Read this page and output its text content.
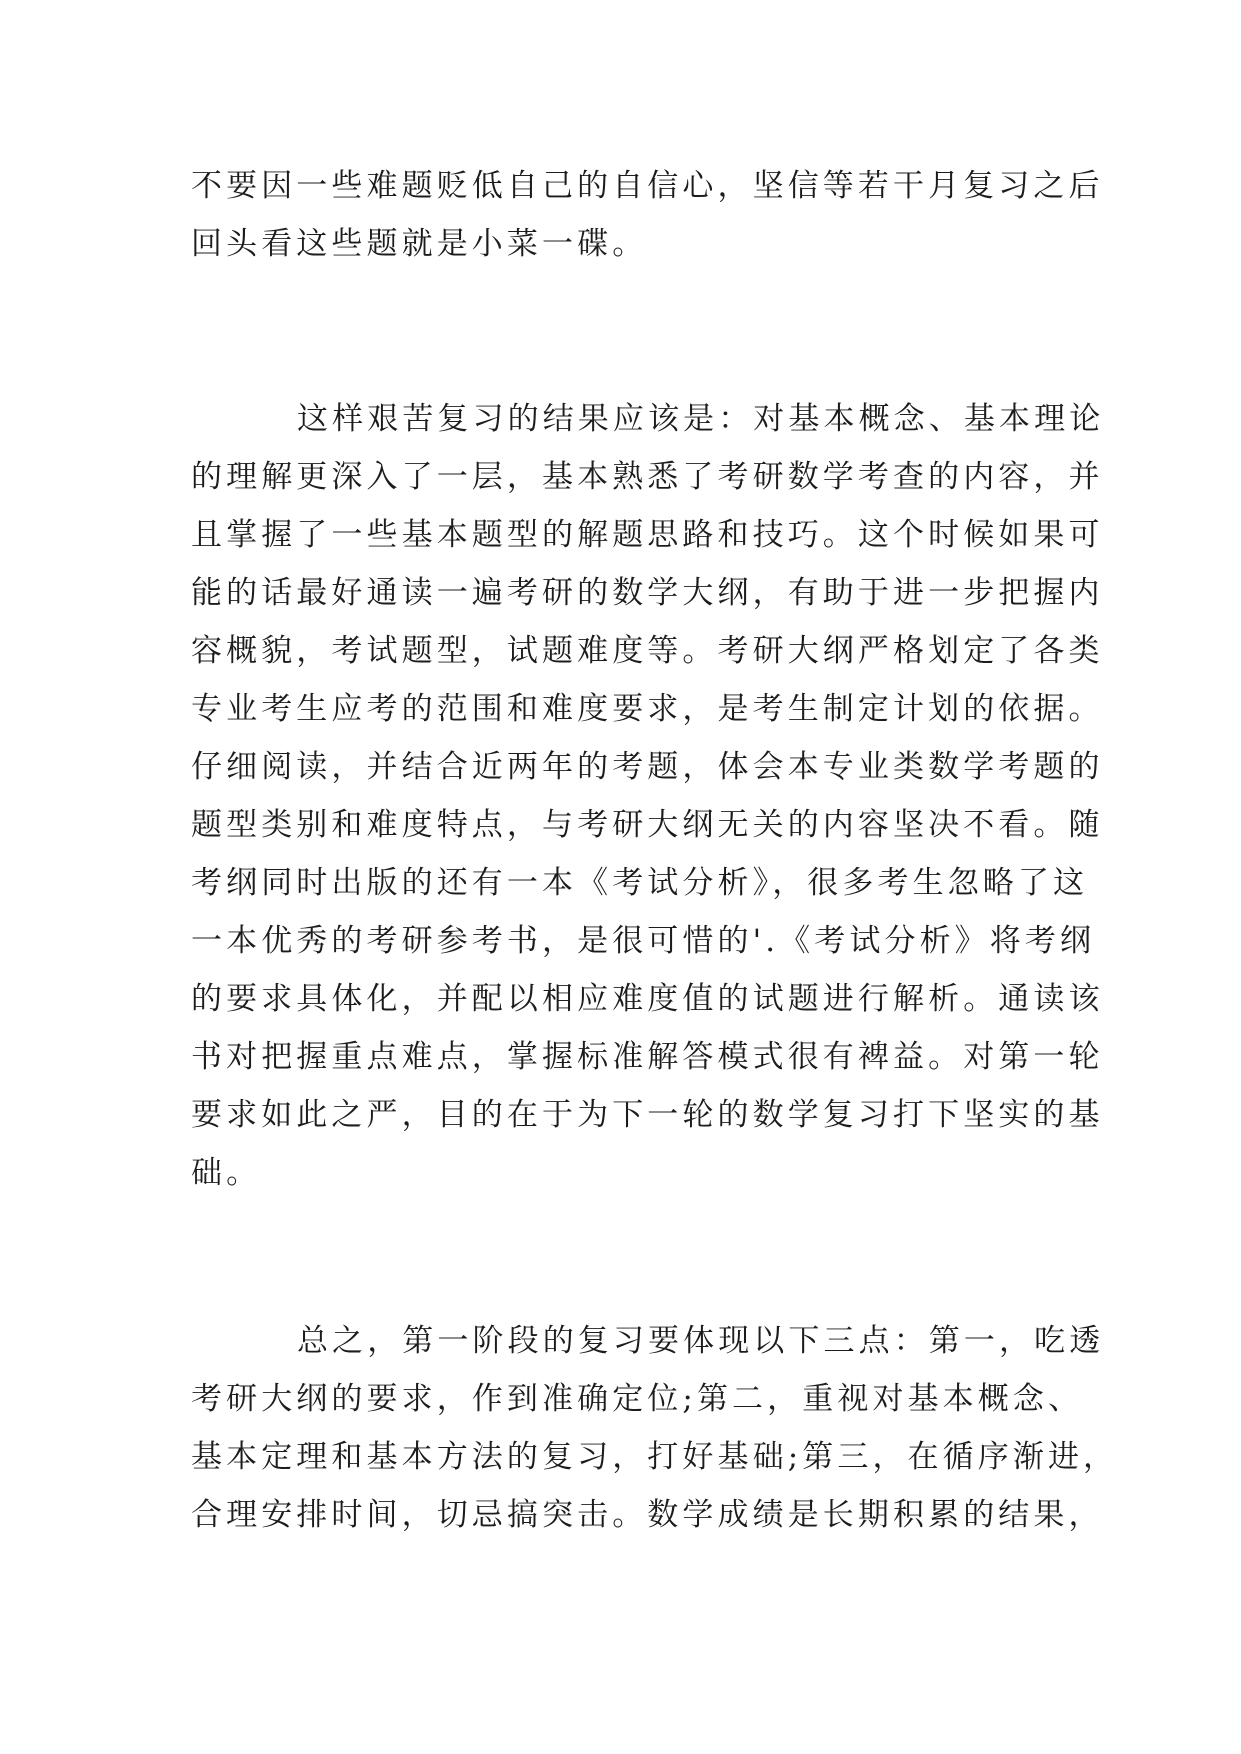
不要因一些难题贬低自己的自信心，坚信等若干月复习之后
回头看这些题就是小菜一碟。
这样艰苦复习的结果应该是：对基本概念、基本理论
的理解更深入了一层，基本熟悉了考研数学考查的内容，并
且掌握了一些基本题型的解题思路和技巧。这个时候如果可
能的话最好通读一遍考研的数学大纲，有助于进一步把握内
容概貌，考试题型，试题难度等。考研大纲严格划定了各类
专业考生应考的范围和难度要求，是考生制定计划的依据。
仔细阅读，并结合近两年的考题，体会本专业类数学考题的
题型类别和难度特点，与考研大纲无关的内容坚决不看。随
考纲同时出版的还有一本《考试分析》，很多考生忽略了这
一本优秀的考研参考书，是很可惜的'.《考试分析》将考纲
的要求具体化，并配以相应难度值的试题进行解析。通读该
书对把握重点难点，掌握标准解答模式很有裨益。对第一轮
要求如此之严，目的在于为下一轮的数学复习打下坚实的基
础。
总之，第一阶段的复习要体现以下三点：第一，吃透
考研大纲的要求，作到准确定位;第二，重视对基本概念、
基本定理和基本方法的复习，打好基础;第三，在循序渐进，
合理安排时间，切忌搞突击。数学成绩是长期积累的结果，
